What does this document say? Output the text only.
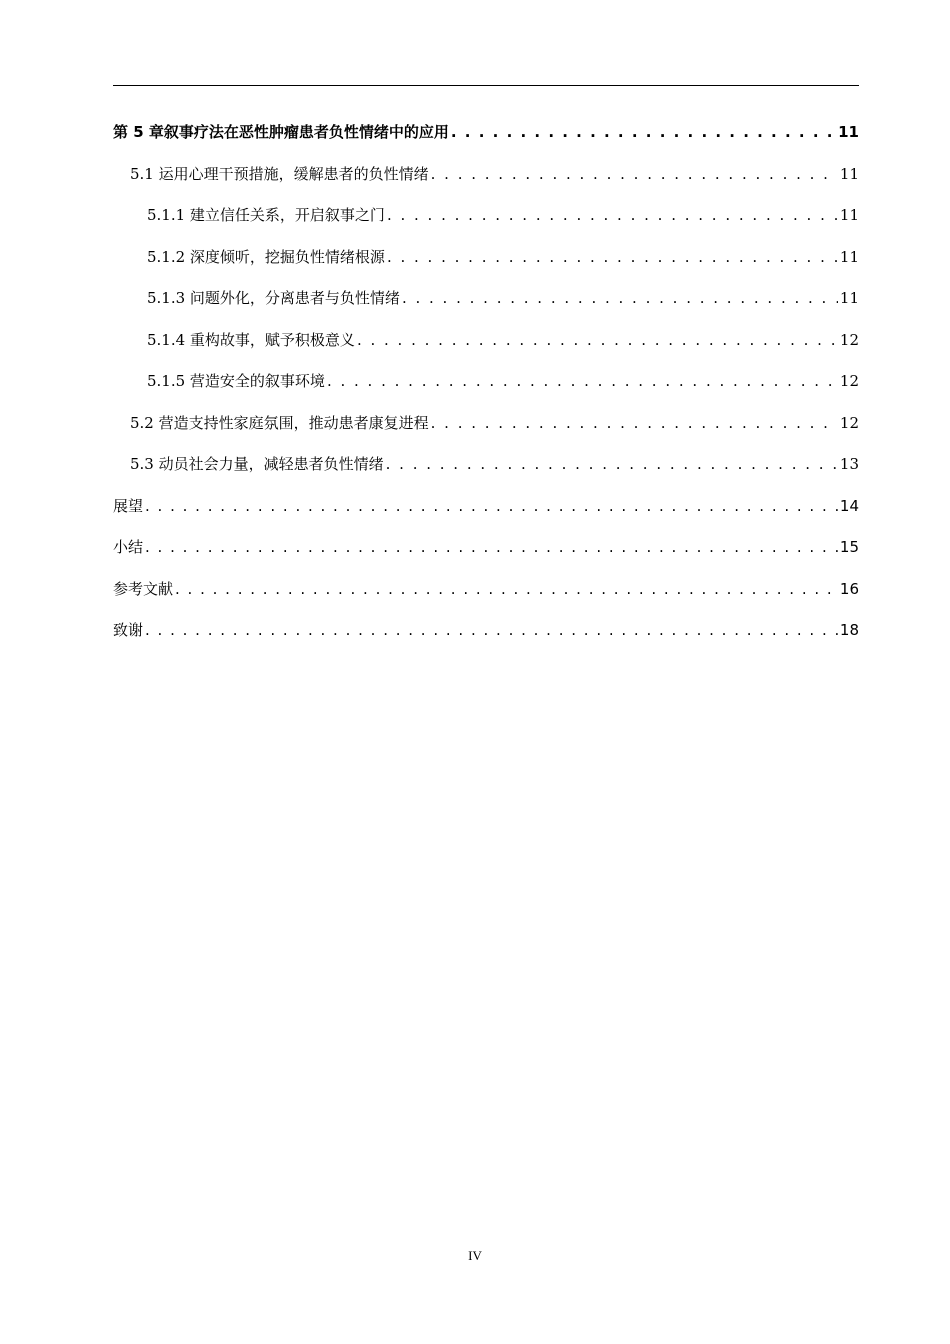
第 5 章叙事疗法在恶性肿瘤患者负性情绪中的应用 . . .	11
5.1 运用心理干预措施，缓解患者的负性情绪 . . .	11
5.1.1 建立信任关系，开启叙事之门 . . .	11
5.1.2 深度倾听，挖掘负性情绪根源 . . .	11
5.1.3 问题外化，分离患者与负性情绪 . . .	11
5.1.4 重构故事，赋予积极意义 . . .	12
5.1.5 营造安全的叙事环境 . . .	12
5.2 营造支持性家庭氛围，推动患者康复进程 . . .	12
5.3 动员社会力量，减轻患者负性情绪 . . .	13
展望 . . .	14
小结 . . .	15
参考文献 . . .	16
致谢 . . .	18
IV
